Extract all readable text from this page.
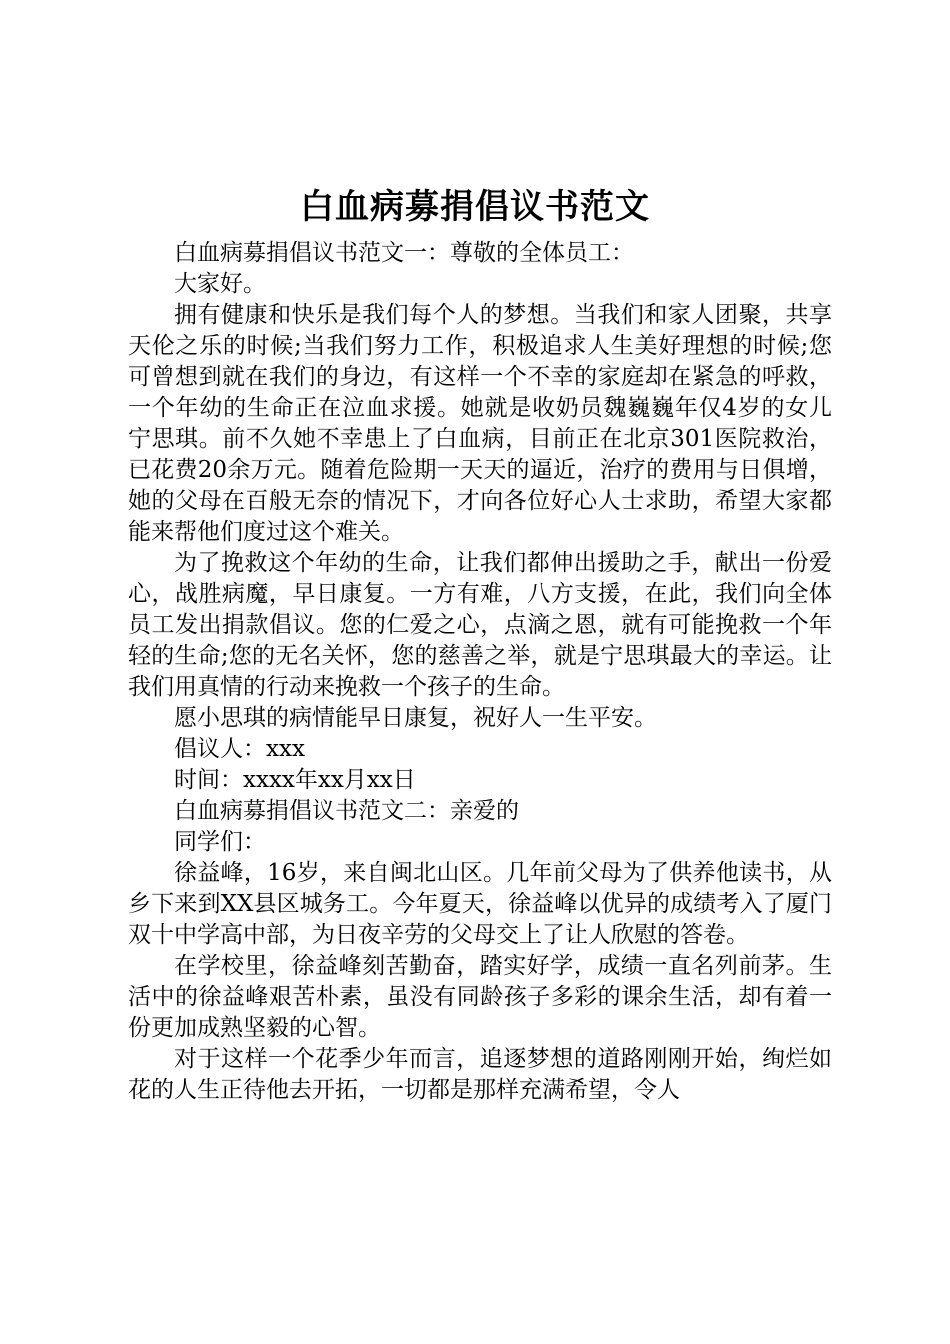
白血病募捐倡议书范文

白血病募捐倡议书范文一：尊敬的全体员工：

大家好。

拥有健康和快乐是我们每个人的梦想。当我们和家人团聚，共享天伦之乐的时候;当我们努力工作，积极追求人生美好理想的时候;您可曾想到就在我们的身边，有这样一个不幸的家庭却在紧急的呼救，一个年幼的生命正在泣血求援。她就是收奶员魏巍巍年仅4岁的女儿宁思琪。前不久她不幸患上了白血病，目前正在北京301医院救治，已花费20余万元。随着危险期一天天的逼近，治疗的费用与日俱增，她的父母在百般无奈的情况下，才向各位好心人士求助，希望大家都能来帮他们度过这个难关。

为了挽救这个年幼的生命，让我们都伸出援助之手，献出一份爱心，战胜病魔，早日康复。一方有难，八方支援，在此，我们向全体员工发出捐款倡议。您的仁爱之心，点滴之恩，就有可能挽救一个年轻的生命;您的无名关怀，您的慈善之举，就是宁思琪最大的幸运。让我们用真情的行动来挽救一个孩子的生命。

愿小思琪的病情能早日康复，祝好人一生平安。

倡议人：xxx

时间：xxxx年xx月xx日

白血病募捐倡议书范文二：亲爱的

同学们：

徐益峰，16岁，来自闽北山区。几年前父母为了供养他读书，从乡下来到XX县区城务工。今年夏天，徐益峰以优异的成绩考入了厦门双十中学高中部，为日夜辛劳的父母交上了让人欣慰的答卷。

在学校里，徐益峰刻苦勤奋，踏实好学，成绩一直名列前茅。生活中的徐益峰艰苦朴素，虽没有同龄孩子多彩的课余生活，却有着一份更加成熟坚毅的心智。

对于这样一个花季少年而言，追逐梦想的道路刚刚开始，绚烂如花的人生正待他去开拓，一切都是那样充满希望，令人
